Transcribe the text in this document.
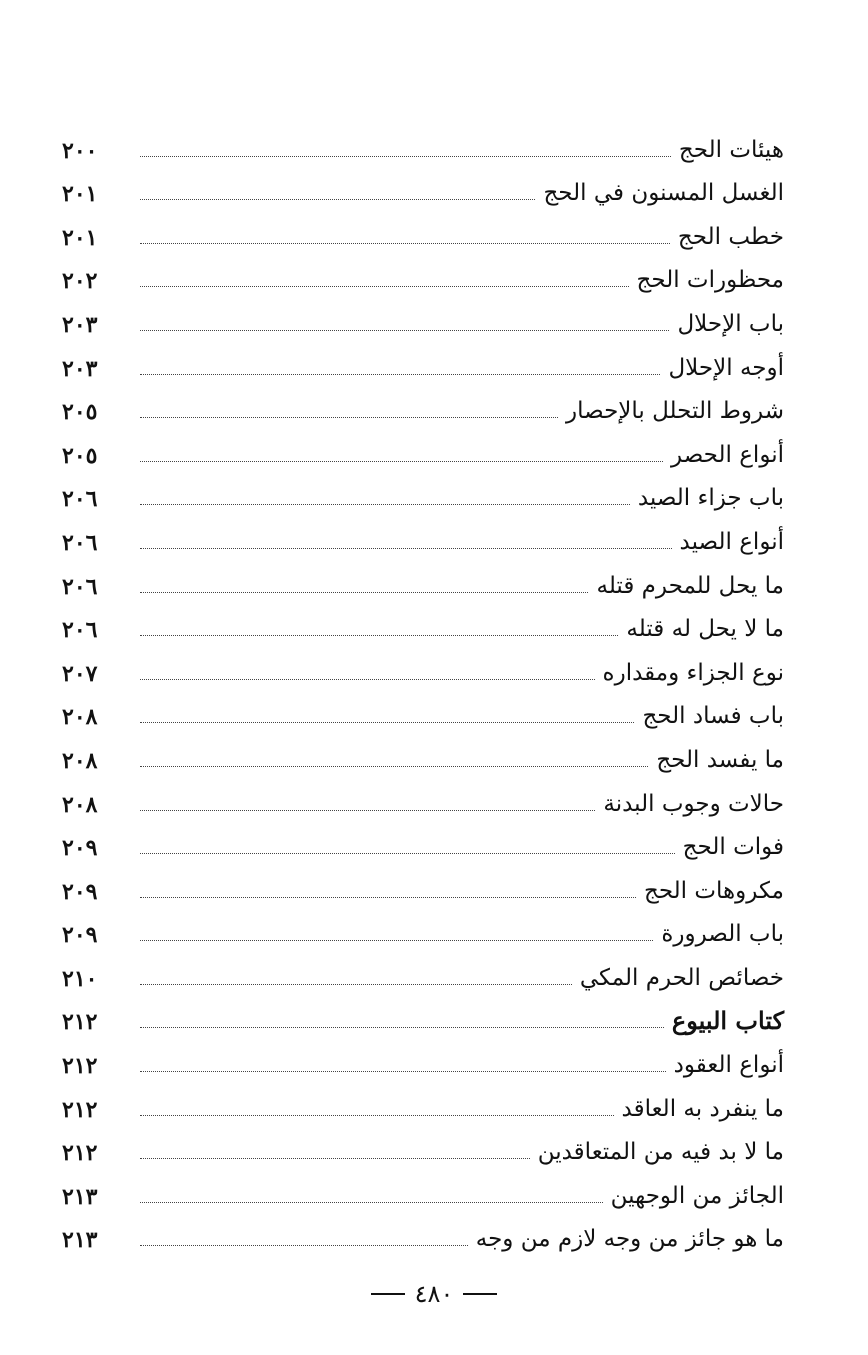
هيئات الحج
٢٠٠
الغسل المسنون في الحج
٢٠١
خطب الحج
٢٠١
محظورات الحج
٢٠٢
باب الإحلال
٢٠٣
أوجه الإحلال
٢٠٣
شروط التحلل بالإحصار
٢٠٥
أنواع الحصر
٢٠٥
باب جزاء الصيد
٢٠٦
أنواع الصيد
٢٠٦
ما يحل للمحرم قتله
٢٠٦
ما لا يحل له قتله
٢٠٦
نوع الجزاء ومقداره
٢٠٧
باب فساد الحج
٢٠٨
ما يفسد الحج
٢٠٨
حالات وجوب البدنة
٢٠٨
فوات الحج
٢٠٩
مكروهات الحج
٢٠٩
باب الصرورة
٢٠٩
خصائص الحرم المكي
٢١٠
كتاب البيوع
٢١٢
أنواع العقود
٢١٢
ما ينفرد به العاقد
٢١٢
ما لا بد فيه من المتعاقدين
٢١٢
الجائز من الوجهين
٢١٣
ما هو جائز من وجه لازم من وجه
٢١٣
٤٨٠
